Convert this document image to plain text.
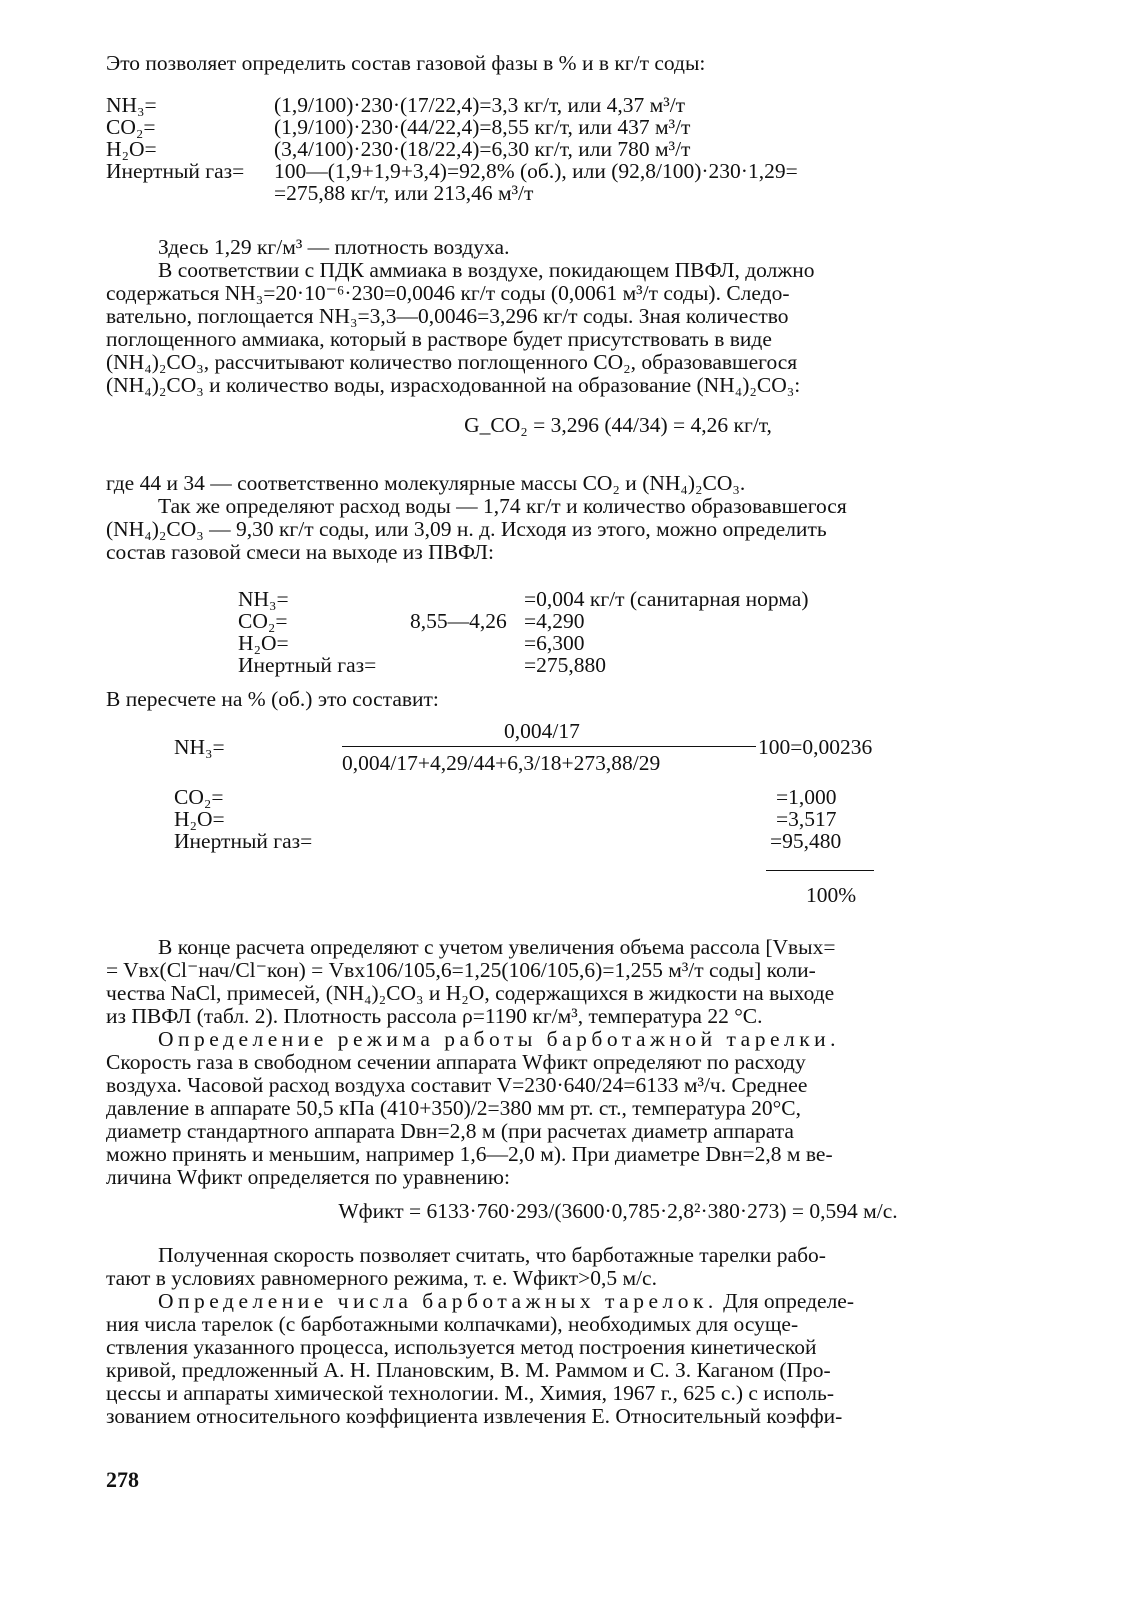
Это позволяет определить состав газовой фазы в % и в кг/т соды:

NH₃=	(1,9/100)·230·(17/22,4)=3,3 кг/т, или 4,37 м³/т
CO₂=	(1,9/100)·230·(44/22,4)=8,55 кг/т, или 437 м³/т
H₂O=	(3,4/100)·230·(18/22,4)=6,30 кг/т, или 780 м³/т
Инертный газ= 100—(1,9+1,9+3,4)=92,8% (об.), или (92,8/100)·230·1,29=
=275,88 кг/т, или 213,46 м³/т

Здесь 1,29 кг/м³ — плотность воздуха.

В соответствии с ПДК аммиака в воздухе, покидающем ПВФЛ, должно

содержаться NH₃=20·10⁻⁶·230=0,0046 кг/т соды (0,0061 м³/т соды). Следо-

вательно, поглощается NH₃=3,3—0,0046=3,296 кг/т соды. Зная количество

поглощенного аммиака, который в растворе будет присутствовать в виде

(NH₄)₂CO₃, рассчитывают количество поглощенного CO₂, образовавшегося

(NH₄)₂CO₃ и количество воды, израсходованной на образование (NH₄)₂CO₃:

G_CO₂ = 3,296 (44/34) = 4,26 кг/т,

где 44 и 34 — соответственно молекулярные массы CO₂ и (NH₄)₂CO₃.

Так же определяют расход воды — 1,74 кг/т и количество образовавшегося

(NH₄)₂CO₃ — 9,30 кг/т соды, или 3,09 н. д. Исходя из этого, можно определить

состав газовой смеси на выходе из ПВФЛ:

NH₃=	=0,004 кг/т (санитарная норма)
CO₂=	8,55—4,26 =4,290
H₂O=	=6,300
Инертный газ=	=275,880

В пересчете на % (об.) это составит:

NH₃=
0,004/17
0,004/17+4,29/44+6,3/18+273,88/29
100=0,00236
CO₂=	=1,000
H₂O=	=3,517
Инертный газ=	=95,480
100%

В конце расчета определяют с учетом увеличения объема рассола [Vвых=

= Vвх(Cl⁻нач/Cl⁻кон) = Vвх106/105,6=1,25(106/105,6)=1,255 м³/т соды] коли-

чества NaCl, примесей, (NH₄)₂CO₃ и H₂O, содержащихся в жидкости на выходе

из ПВФЛ (табл. 2). Плотность рассола ρ=1190 кг/м³, температура 22 °C.

Определение режима работы барботажной тарелки.

Скорость газа в свободном сечении аппарата Wфикт определяют по расходу

воздуха. Часовой расход воздуха составит V=230·640/24=6133 м³/ч. Среднее

давление в аппарате 50,5 кПа (410+350)/2=380 мм рт. ст., температура 20°C,

диаметр стандартного аппарата Dвн=2,8 м (при расчетах диаметр аппарата

можно принять и меньшим, например 1,6—2,0 м). При диаметре Dвн=2,8 м ве-

личина Wфикт определяется по уравнению:

Wфикт = 6133·760·293/(3600·0,785·2,8²·380·273) = 0,594 м/с.

Полученная скорость позволяет считать, что барботажные тарелки рабо-

тают в условиях равномерного режима, т. е. Wфикт>0,5 м/с.

Определение числа барботажных тарелок. Для определе-

ния числа тарелок (с барботажными колпачками), необходимых для осуще-

ствления указанного процесса, используется метод построения кинетической

кривой, предложенный А. Н. Плановским, В. М. Раммом и С. З. Каганом (Про-

цессы и аппараты химической технологии. М., Химия, 1967 г., 625 с.) с исполь-

зованием относительного коэффициента извлечения E. Относительный коэффи-

278
